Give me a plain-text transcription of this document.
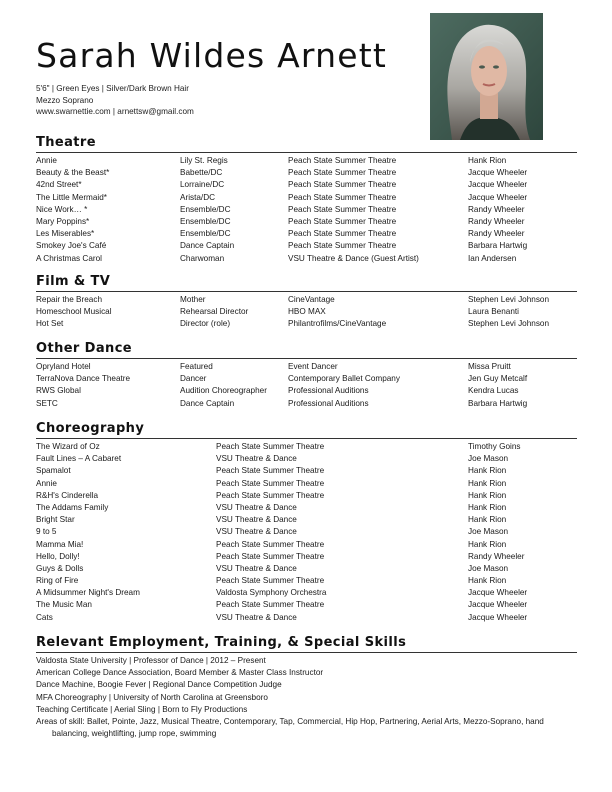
Sarah Wildes Arnett
5'6" | Green Eyes | Silver/Dark Brown Hair
Mezzo Soprano
www.swarnettie.com | arnettsw@gmail.com
Theatre
Annie	Lily St. Regis	Peach State Summer Theatre	Hank Rion
Beauty & the Beast*	Babette/DC	Peach State Summer Theatre	Jacque Wheeler
42nd Street*	Lorraine/DC	Peach State Summer Theatre	Jacque Wheeler
The Little Mermaid*	Arista/DC	Peach State Summer Theatre	Jacque Wheeler
Nice Work… *	Ensemble/DC	Peach State Summer Theatre	Randy Wheeler
Mary Poppins*	Ensemble/DC	Peach State Summer Theatre	Randy Wheeler
Les Miserables*	Ensemble/DC	Peach State Summer Theatre	Randy Wheeler
Smokey Joe's Café	Dance Captain	Peach State Summer Theatre	Barbara Hartwig
A Christmas Carol	Charwoman	VSU Theatre & Dance (Guest Artist)	Ian Andersen
Film & TV
Repair the Breach	Mother	CineVantage	Stephen Levi Johnson
Homeschool Musical	Rehearsal Director	HBO MAX	Laura Benanti
Hot Set	Director (role)	Philantrofilms/CineVantage	Stephen Levi Johnson
Other Dance
Opryland Hotel	Featured	Event Dancer	Missa Pruitt
TerraNova Dance Theatre	Dancer	Contemporary Ballet Company	Jen Guy Metcalf
RWS Global	Audition Choreographer	Professional Auditions	Kendra Lucas
SETC	Dance Captain	Professional Auditions	Barbara Hartwig
Choreography
The Wizard of Oz	Peach State Summer Theatre	Timothy Goins
Fault Lines – A Cabaret	VSU Theatre & Dance	Joe Mason
Spamalot	Peach State Summer Theatre	Hank Rion
Annie	Peach State Summer Theatre	Hank Rion
R&H's Cinderella	Peach State Summer Theatre	Hank Rion
The Addams Family	VSU Theatre & Dance	Hank Rion
Bright Star	VSU Theatre & Dance	Hank Rion
9 to 5	VSU Theatre & Dance	Joe Mason
Mamma Mia!	Peach State Summer Theatre	Hank Rion
Hello, Dolly!	Peach State Summer Theatre	Randy Wheeler
Guys & Dolls	VSU Theatre & Dance	Joe Mason
Ring of Fire	Peach State Summer Theatre	Hank Rion
A Midsummer Night's Dream	Valdosta Symphony Orchestra	Jacque Wheeler
The Music Man	Peach State Summer Theatre	Jacque Wheeler
Cats	VSU Theatre & Dance	Jacque Wheeler
Relevant Employment, Training, & Special Skills
Valdosta State University | Professor of Dance | 2012 – Present
American College Dance Association, Board Member & Master Class Instructor
Dance Machine, Boogie Fever | Regional Dance Competition Judge
MFA Choreography | University of North Carolina at Greensboro
Teaching Certificate | Aerial Sling | Born to Fly Productions
Areas of skill: Ballet, Pointe, Jazz, Musical Theatre, Contemporary, Tap, Commercial, Hip Hop, Partnering, Aerial Arts, Mezzo-Soprano, hand balancing, weightlifting, jump rope, swimming
